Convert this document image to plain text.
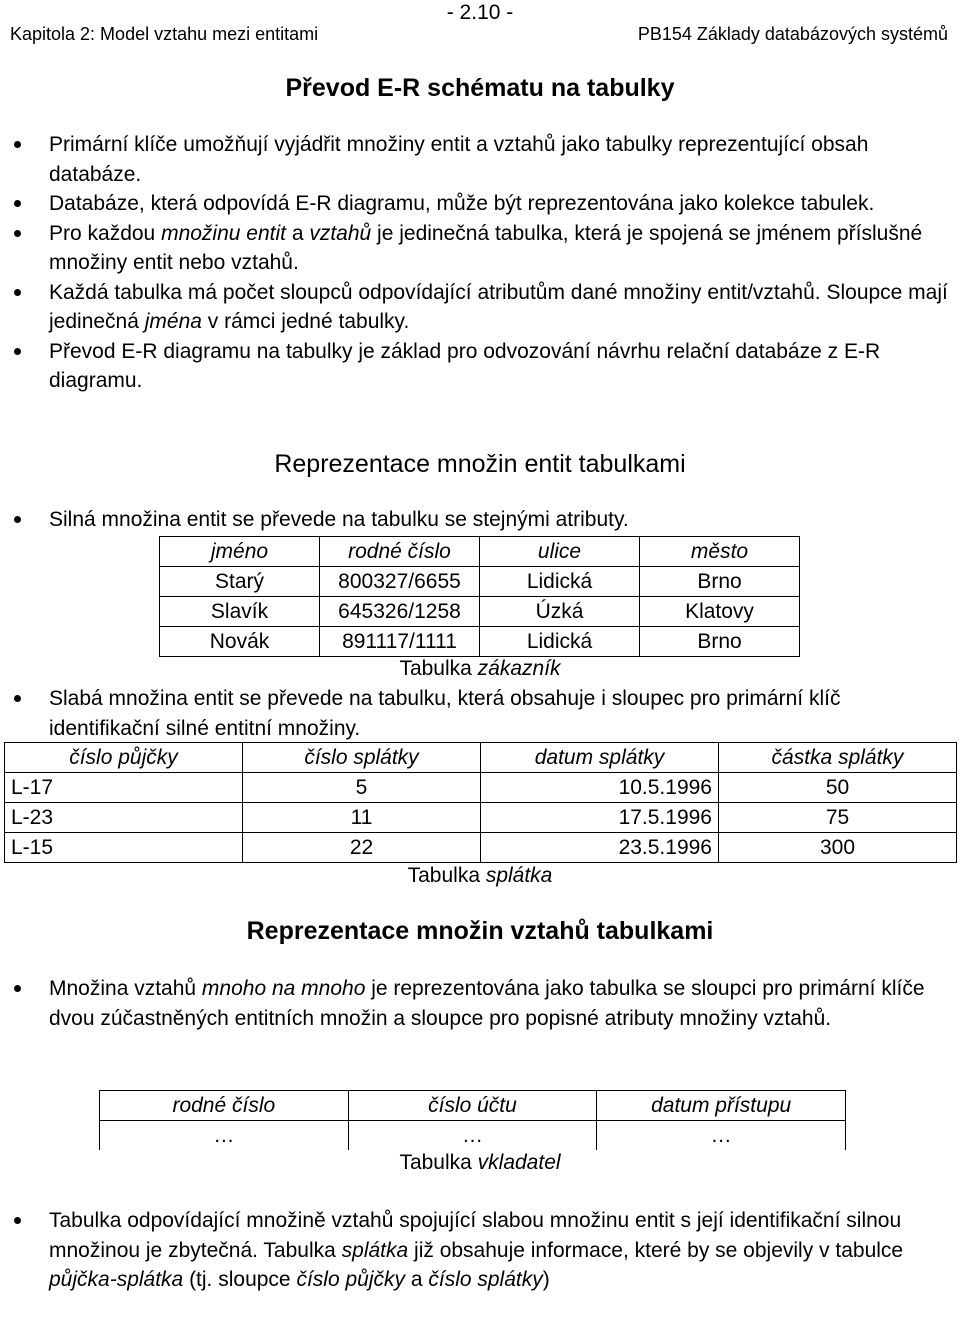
- 2.10 -
Kapitola 2: Model vztahu mezi entitami	PB154 Základy databázových systémů
Převod E-R schématu na tabulky
Primární klíče umožňují vyjádřit množiny entit a vztahů jako tabulky reprezentující obsah databáze.
Databáze, která odpovídá E-R diagramu, může být reprezentována jako kolekce tabulek.
Pro každou množinu entit a vztahů je jedinečná tabulka, která je spojená se jménem příslušné množiny entit nebo vztahů.
Každá tabulka má počet sloupců odpovídající atributům dané množiny entit/vztahů. Sloupce mají jedinečná jména v rámci jedné tabulky.
Převod E-R diagramu na tabulky je základ pro odvozování návrhu relační databáze z E-R diagramu.
Reprezentace množin entit tabulkami
Silná množina entit se převede na tabulku se stejnými atributy.
jméno	rodné číslo	ulice	město
Starý	800327/6655	Lidická	Brno
Slavík	645326/1258	Úzká	Klatovy
Novák	891117/1111	Lidická	Brno
Tabulka zákazník
Slabá množina entit se převede na tabulku, která obsahuje i sloupec pro primární klíč identifikační silné entitní množiny.
číslo půjčky	číslo splátky	datum splátky	částka splátky
L-17	5	10.5.1996	50
L-23	11	17.5.1996	75
L-15	22	23.5.1996	300
Tabulka splátka
Reprezentace množin vztahů tabulkami
Množina vztahů mnoho na mnoho je reprezentována jako tabulka se sloupci pro primární klíče dvou zúčastněných entitních množin a sloupce pro popisné atributy množiny vztahů.
rodné číslo	číslo účtu	datum přístupu
…	…	…
Tabulka vkladatel
Tabulka odpovídající množině vztahů spojující slabou množinu entit s její identifikační silnou množinou je zbytečná. Tabulka splátka již obsahuje informace, které by se objevily v tabulce půjčka-splátka (tj. sloupce číslo půjčky a číslo splátky)
